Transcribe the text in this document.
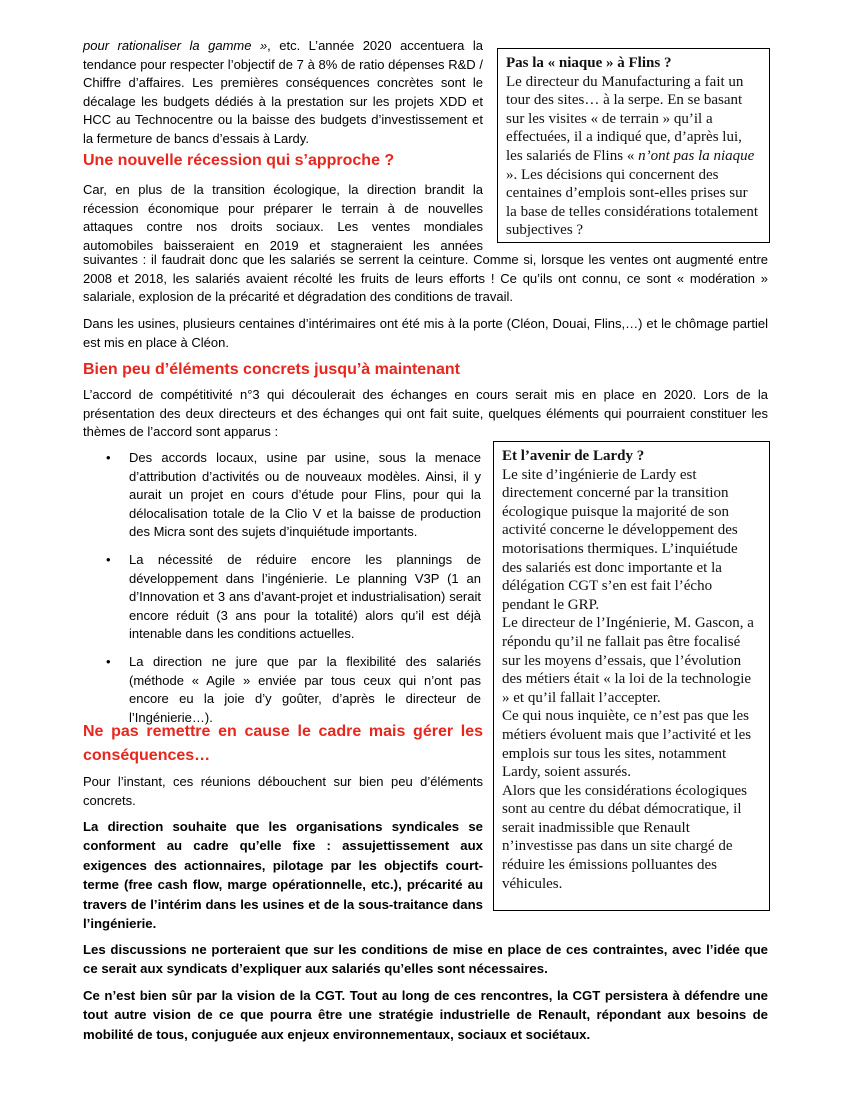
pour rationaliser la gamme », etc. L’année 2020 accentuera la tendance pour respecter l’objectif de 7 à 8% de ratio dépenses R&D / Chiffre d’affaires. Les premières conséquences concrètes sont le décalage les budgets dédiés à la prestation sur les projets XDD et HCC au Technocentre ou la baisse des budgets d’investissement et la fermeture de bancs d’essais à Lardy.

Pas la « niaque » à Flins ?
Le directeur du Manufacturing a fait un tour des sites… à la serpe. En se basant sur les visites « de terrain » qu’il a effectuées, il a indiqué que, d’après lui, les salariés de Flins « n’ont pas la niaque ». Les décisions qui concernent des centaines d’emplois sont-elles prises sur la base de telles considérations totalement subjectives ?
Une nouvelle récession qui s’approche ?

Car, en plus de la transition écologique, la direction brandit la récession économique pour préparer le terrain à de nouvelles attaques contre nos droits sociaux. Les ventes mondiales automobiles baisseraient en 2019 et stagneraient les années

suivantes : il faudrait donc que les salariés se serrent la ceinture. Comme si, lorsque les ventes ont augmenté entre 2008 et 2018, les salariés avaient récolté les fruits de leurs efforts ! Ce qu’ils ont connu, ce sont « modération » salariale, explosion de la précarité et dégradation des conditions de travail.

Dans les usines, plusieurs centaines d’intérimaires ont été mis à la porte (Cléon, Douai, Flins,…) et le chômage partiel est mis en place à Cléon.

Bien peu d’éléments concrets jusqu’à maintenant

L’accord de compétitivité n°3 qui découlerait des échanges en cours serait mis en place en 2020. Lors de la présentation des deux directeurs et des échanges qui ont fait suite, quelques éléments qui pourraient constituer les thèmes de l’accord sont apparus :

• Des accords locaux, usine par usine, sous la menace d’attribution d’activités ou de nouveaux modèles. Ainsi, il y aurait un projet en cours d’étude pour Flins, pour qui la délocalisation totale de la Clio V et la baisse de production des Micra sont des sujets d’inquiétude importants.
• La nécessité de réduire encore les plannings de développement dans l’ingénierie. Le planning V3P (1 an d’Innovation et 3 ans d’avant-projet et industrialisation) serait encore réduit (3 ans pour la totalité) alors qu’il est déjà intenable dans les conditions actuelles.
• La direction ne jure que par la flexibilité des salariés (méthode « Agile » enviée par tous ceux qui n’ont pas encore eu la joie d’y goûter, d’après le directeur de l’Ingénierie…).
Et l’avenir de Lardy ?
Le site d’ingénierie de Lardy est directement concerné par la transition écologique puisque la majorité de son activité concerne le développement des motorisations thermiques. L’inquiétude des salariés est donc importante et la délégation CGT s’en est fait l’écho pendant le GRP.
Le directeur de l’Ingénierie, M. Gascon, a répondu qu’il ne fallait pas être focalisé sur les moyens d’essais, que l’évolution des métiers était « la loi de la technologie » et qu’il fallait l’accepter.
Ce qui nous inquiète, ce n’est pas que les métiers évoluent mais que l’activité et les emplois sur tous les sites, notamment Lardy, soient assurés.
Alors que les considérations écologiques sont au centre du débat démocratique, il serait inadmissible que Renault n’investisse pas dans un site chargé de réduire les émissions polluantes des véhicules.
Ne pas remettre en cause le cadre mais gérer les conséquences…

Pour l’instant, ces réunions débouchent sur bien peu d’éléments concrets.

La direction souhaite que les organisations syndicales se conforment au cadre qu’elle fixe : assujettissement aux exigences des actionnaires, pilotage par les objectifs court-terme (free cash flow, marge opérationnelle, etc.), précarité au travers de l’intérim dans les usines et de la sous-traitance dans l’ingénierie.

Les discussions ne porteraient que sur les conditions de mise en place de ces contraintes, avec l’idée que ce serait aux syndicats d’expliquer aux salariés qu’elles sont nécessaires.

Ce n’est bien sûr par la vision de la CGT. Tout au long de ces rencontres, la CGT persistera à défendre une tout autre vision de ce que pourra être une stratégie industrielle de Renault, répondant aux besoins de mobilité de tous, conjuguée aux enjeux environnementaux, sociaux et sociétaux.
